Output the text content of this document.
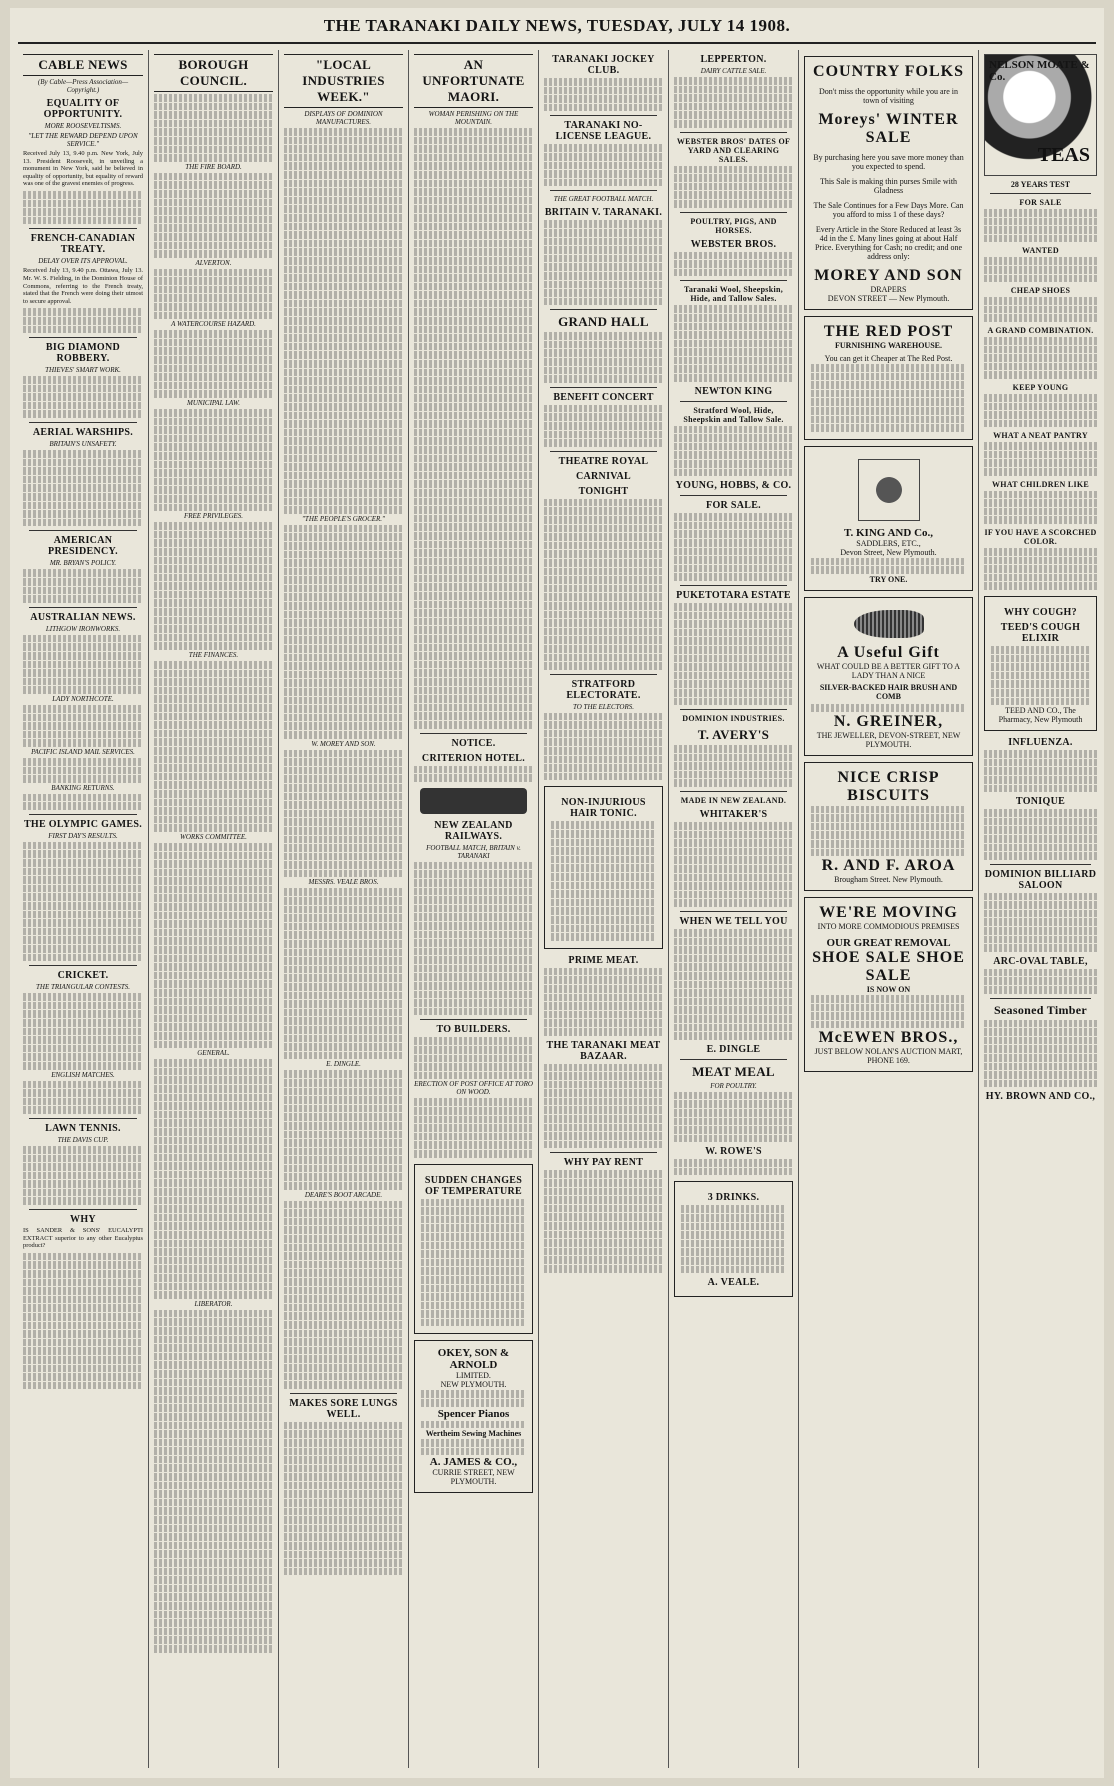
THE TARANAKI DAILY NEWS, TUESDAY, JULY 14 1908.
CABLE NEWS
(By Cable—Press Association—Copyright.)
EQUALITY OF OPPORTUNITY.
MORE ROOSEVELTISMS.
"LET THE REWARD DEPEND UPON SERVICE."

Received July 13, 9.40 p.m. New York, July 13. President Roosevelt, in unveiling a monument in New York, said he believed in equality of opportunity, but equality of reward was one of the gravest enemies of progress.

FRENCH-CANADIAN TREATY.
DELAY OVER ITS APPROVAL.

Received July 13, 9.40 p.m. Ottawa, July 13. Mr. W. S. Fielding, in the Dominion House of Commons, referring to the French treaty, stated that the French were doing their utmost to secure approval.

BIG DIAMOND ROBBERY.
THIEVES' SMART WORK.
AERIAL WARSHIPS.
BRITAIN'S UNSAFETY.
AMERICAN PRESIDENCY.
MR. BRYAN'S POLICY.
AUSTRALIAN NEWS.
LITHGOW IRONWORKS.
LADY NORTHCOTE.
PACIFIC ISLAND MAIL SERVICES.
BANKING RETURNS.
THE OLYMPIC GAMES.
FIRST DAY'S RESULTS.
CRICKET.
THE TRIANGULAR CONTESTS.
ENGLISH MATCHES.
LAWN TENNIS.
THE DAVIS CUP.
WHY

IS SANDER & SONS' EUCALYPTI EXTRACT superior to any other Eucalyptus product?

BOROUGH COUNCIL.
THE FIRE BOARD.
ALVERTON.
A WATERCOURSE HAZARD.
MUNICIPAL LAW.
FREE PRIVILEGES.
THE FINANCES.
WORKS COMMITTEE.
GENERAL.
LIBERATOR.
"LOCAL INDUSTRIES WEEK."
DISPLAYS OF DOMINION MANUFACTURES.
"THE PEOPLE'S GROCER."
W. MOREY AND SON.
MESSRS. VEALE BROS.
E. DINGLE.
DEARE'S BOOT ARCADE.
MAKES SORE LUNGS WELL.
AN UNFORTUNATE MAORI.
WOMAN PERISHING ON THE MOUNTAIN.
NOTICE.
CRITERION HOTEL.
NEW ZEALAND RAILWAYS.
FOOTBALL MATCH, BRITAIN v. TARANAKI
TO BUILDERS.
ERECTION OF POST OFFICE AT TORO ON WOOD.
SUDDEN CHANGES OF TEMPERATURE
OKEY, SON & ARNOLD
LIMITED.
NEW PLYMOUTH.
Spencer Pianos
Wertheim Sewing Machines
A. JAMES & CO.,
CURRIE STREET, NEW PLYMOUTH.
TARANAKI JOCKEY CLUB.
TARANAKI NO-LICENSE LEAGUE.
THE GREAT FOOTBALL MATCH.
BRITAIN V. TARANAKI.
GRAND HALL
BENEFIT CONCERT
THEATRE ROYAL
CARNIVAL
TONIGHT
STRATFORD ELECTORATE.
TO THE ELECTORS.
NON-INJURIOUS HAIR TONIC.
PRIME MEAT.
THE TARANAKI MEAT BAZAAR.
WHY PAY RENT
LEPPERTON.
DAIRY CATTLE SALE.
WEBSTER BROS' DATES OF YARD AND CLEARING SALES.
POULTRY, PIGS, AND HORSES.
WEBSTER BROS.
Taranaki Wool, Sheepskin, Hide, and Tallow Sales.
NEWTON KING
Stratford Wool, Hide, Sheepskin and Tallow Sale.
YOUNG, HOBBS, & CO.
FOR SALE.
PUKETOTARA ESTATE
DOMINION INDUSTRIES.
T. AVERY'S
MADE IN NEW ZEALAND.
WHITAKER'S
WHEN WE TELL YOU
E. DINGLE
MEAT MEAL
FOR POULTRY.
W. ROWE'S
3 DRINKS.
A. VEALE.
COUNTRY FOLKS
Don't miss the opportunity while you are in town of visiting
Moreys' WINTER SALE
By purchasing here you save more money than you expected to spend.
This Sale is making thin purses Smile with Gladness
The Sale Continues for a Few Days More. Can you afford to miss 1 of these days?
Every Article in the Store Reduced at least 3s 4d in the £. Many lines going at about Half Price. Everything for Cash; no credit; and one address only:
MOREY AND SON
DRAPERS
DEVON STREET — New Plymouth.
THE RED POST
FURNISHING WAREHOUSE.
You can get it Cheaper at The Red Post.
T. KING AND Co.,
SADDLERS, ETC.,
Devon Street, New Plymouth.
TRY ONE.
A Useful Gift
WHAT COULD BE A BETTER GIFT TO A LADY THAN A NICE
SILVER-BACKED HAIR BRUSH AND COMB
N. GREINER,
THE JEWELLER, DEVON-STREET, NEW PLYMOUTH.
NICE CRISP BISCUITS
R. AND F. AROA
Brougham Street. New Plymouth.
WE'RE MOVING
INTO MORE COMMODIOUS PREMISES
OUR GREAT REMOVAL
SHOE SALE SHOE SALE
IS NOW ON
McEWEN BROS.,
JUST BELOW NOLAN'S AUCTION MART, PHONE 169.
NELSON MOATE & Co.
TEAS
28 YEARS TEST
FOR SALE
WANTED
CHEAP SHOES
A GRAND COMBINATION.
KEEP YOUNG
WHAT A NEAT PANTRY
WHAT CHILDREN LIKE
IF YOU HAVE A SCORCHED COLOR.
WHY COUGH?
TEED'S COUGH ELIXIR
TEED AND CO., The Pharmacy, New Plymouth
INFLUENZA.
TONIQUE
DOMINION BILLIARD SALOON
ARC-OVAL TABLE,
Seasoned Timber
HY. BROWN AND CO.,
